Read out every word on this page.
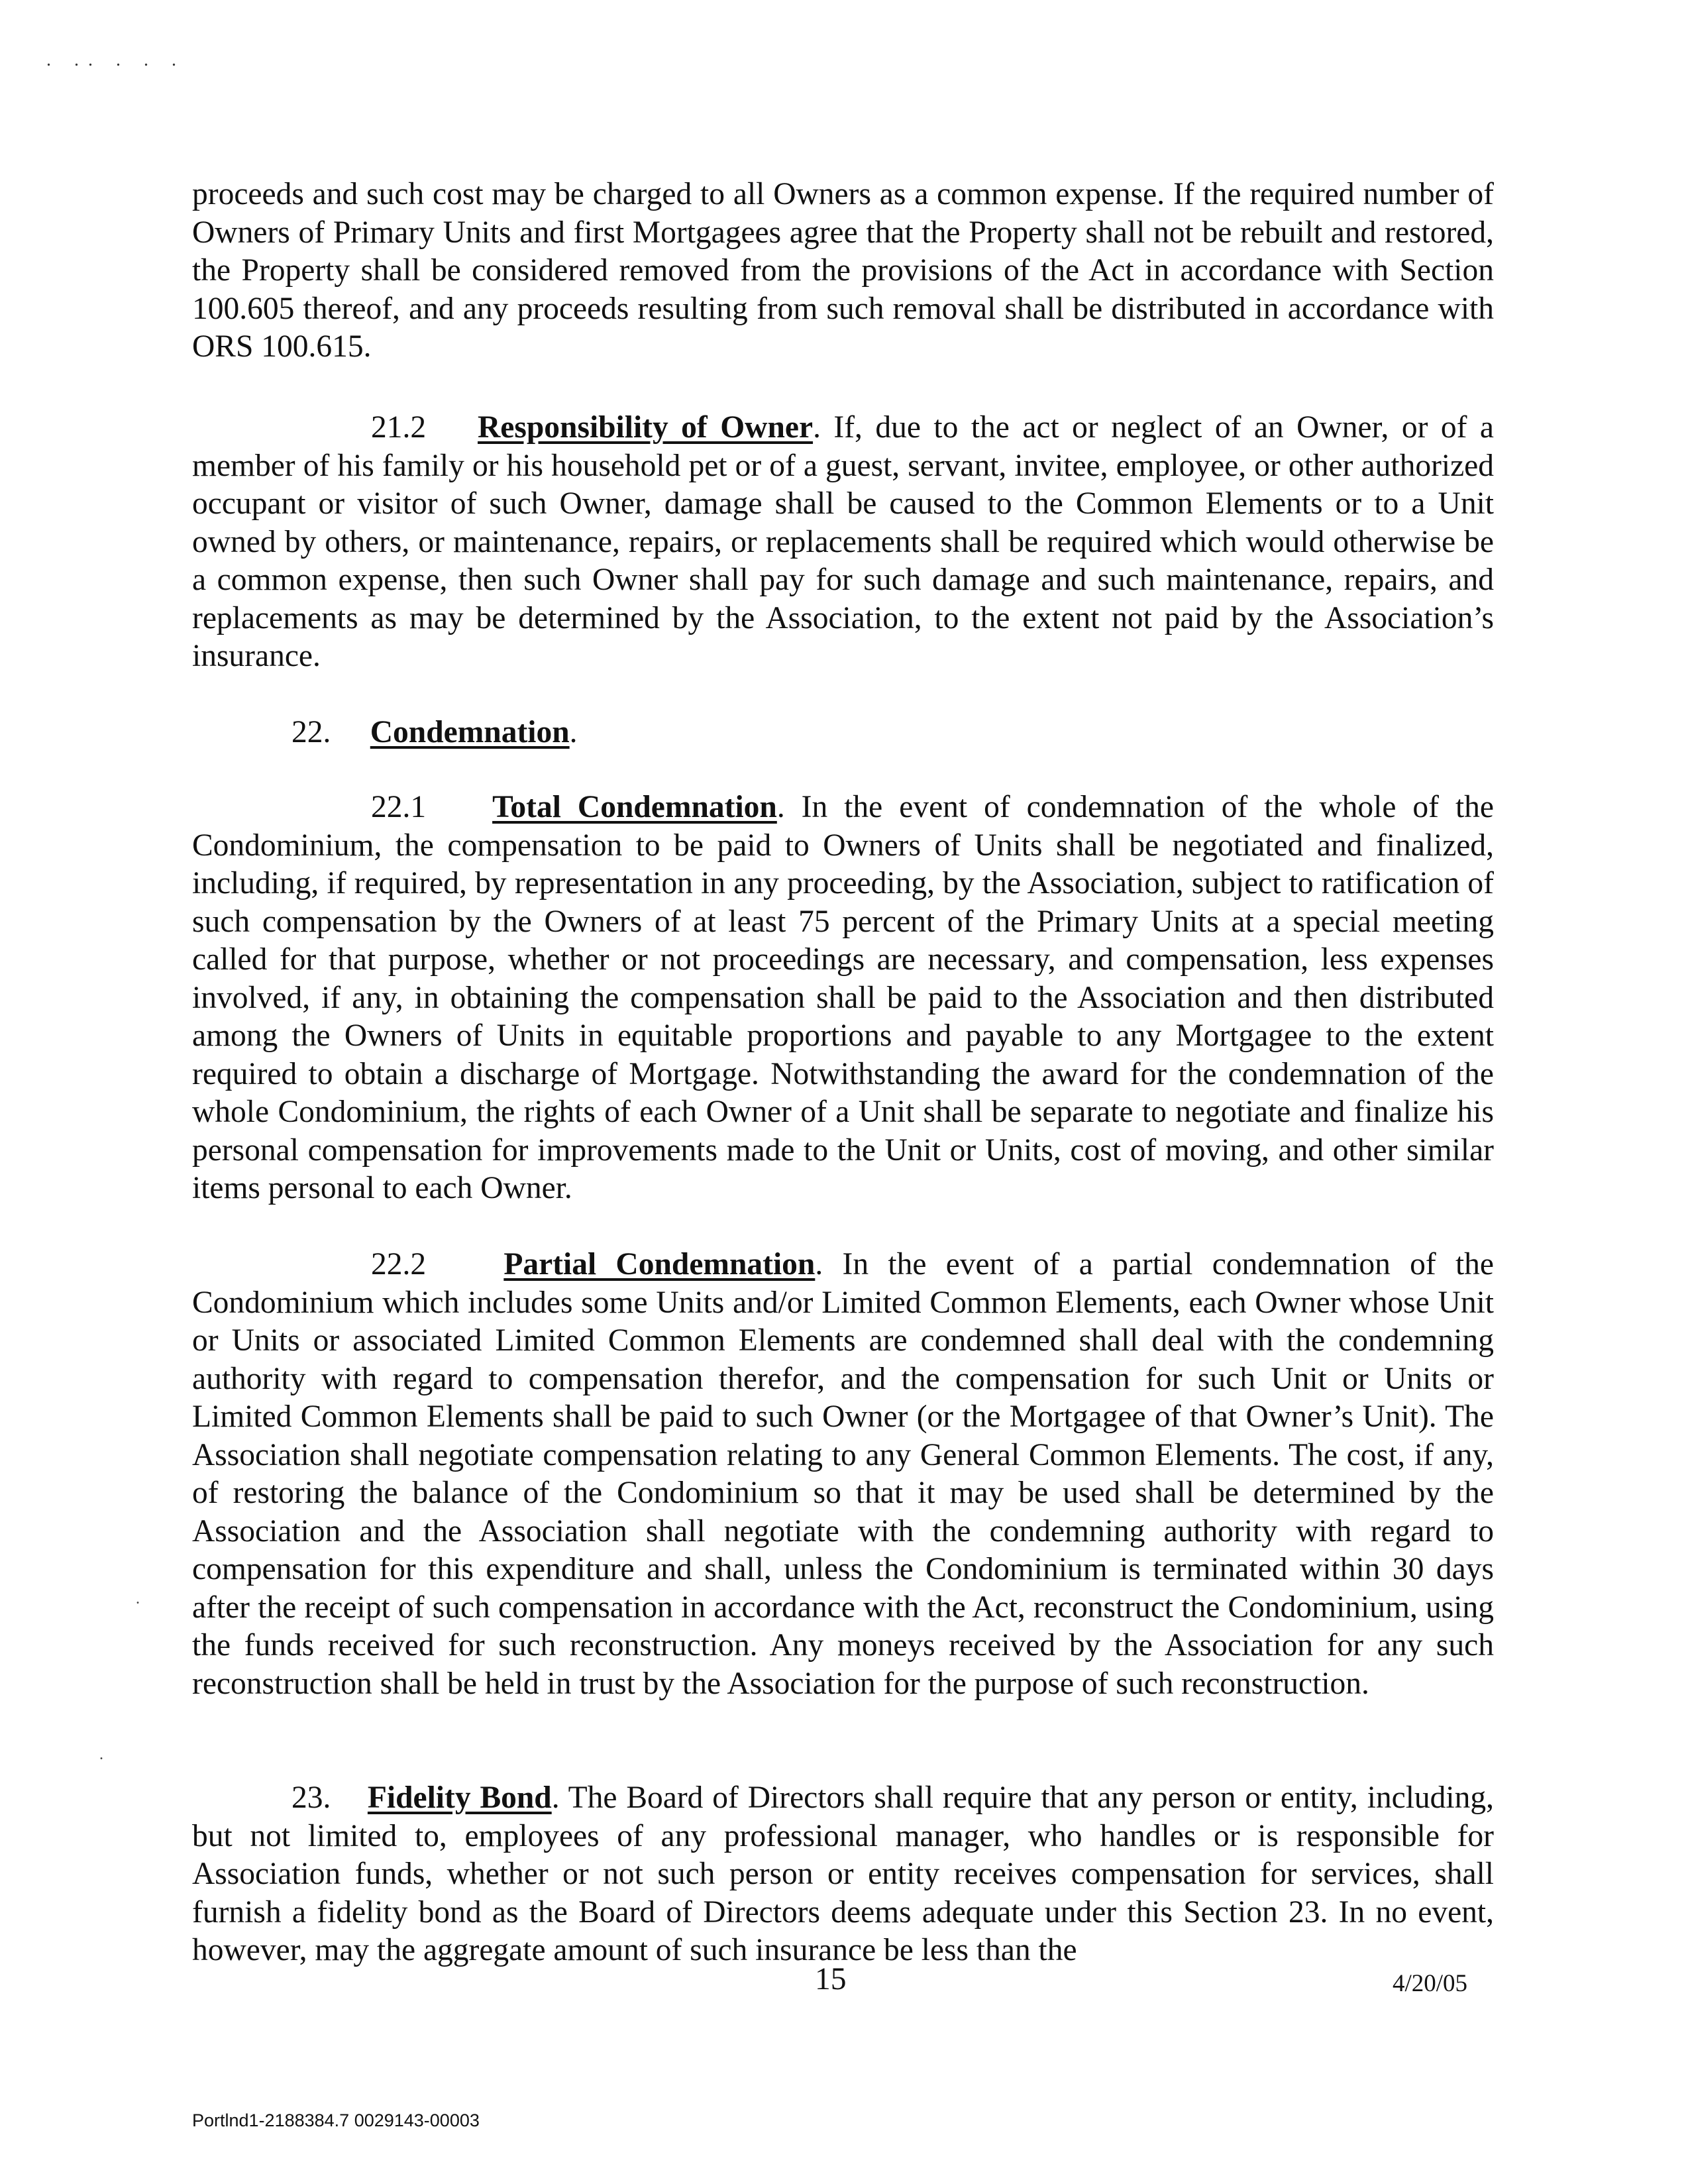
. .. . . .
.
.

proceeds and such cost may be charged to all Owners as a common expense. If the required number of Owners of Primary Units and first Mortgagees agree that the Property shall not be rebuilt and restored, the Property shall be considered removed from the provisions of the Act in accordance with Section 100.605 thereof, and any proceeds resulting from such removal shall be distributed in accordance with ORS 100.615.

21.2 Responsibility of Owner. If, due to the act or neglect of an Owner, or of a member of his family or his household pet or of a guest, servant, invitee, employee, or other authorized occupant or visitor of such Owner, damage shall be caused to the Common Elements or to a Unit owned by others, or maintenance, repairs, or replacements shall be required which would otherwise be a common expense, then such Owner shall pay for such damage and such maintenance, repairs, and replacements as may be determined by the Association, to the extent not paid by the Association’s insurance.

22. Condemnation.

22.1 Total Condemnation. In the event of condemnation of the whole of the Condominium, the compensation to be paid to Owners of Units shall be negotiated and finalized, including, if required, by representation in any proceeding, by the Association, subject to ratification of such compensation by the Owners of at least 75 percent of the Primary Units at a special meeting called for that purpose, whether or not proceedings are necessary, and compensation, less expenses involved, if any, in obtaining the compensation shall be paid to the Association and then distributed among the Owners of Units in equitable proportions and payable to any Mortgagee to the extent required to obtain a discharge of Mortgage. Notwithstanding the award for the condemnation of the whole Condominium, the rights of each Owner of a Unit shall be separate to negotiate and finalize his personal compensation for improvements made to the Unit or Units, cost of moving, and other similar items personal to each Owner.

22.2 Partial Condemnation. In the event of a partial condemnation of the Condominium which includes some Units and/or Limited Common Elements, each Owner whose Unit or Units or associated Limited Common Elements are condemned shall deal with the condemning authority with regard to compensation therefor, and the compensation for such Unit or Units or Limited Common Elements shall be paid to such Owner (or the Mortgagee of that Owner’s Unit). The Association shall negotiate compensation relating to any General Common Elements. The cost, if any, of restoring the balance of the Condominium so that it may be used shall be determined by the Association and the Association shall negotiate with the condemning authority with regard to compensation for this expenditure and shall, unless the Condominium is terminated within 30 days after the receipt of such compensation in accordance with the Act, reconstruct the Condominium, using the funds received for such reconstruction. Any moneys received by the Association for any such reconstruction shall be held in trust by the Association for the purpose of such reconstruction.

23. Fidelity Bond. The Board of Directors shall require that any person or entity, including, but not limited to, employees of any professional manager, who handles or is responsible for Association funds, whether or not such person or entity receives compensation for services, shall furnish a fidelity bond as the Board of Directors deems adequate under this Section 23. In no event, however, may the aggregate amount of such insurance be less than the

15	4/20/05
Portlnd1-2188384.7 0029143-00003
